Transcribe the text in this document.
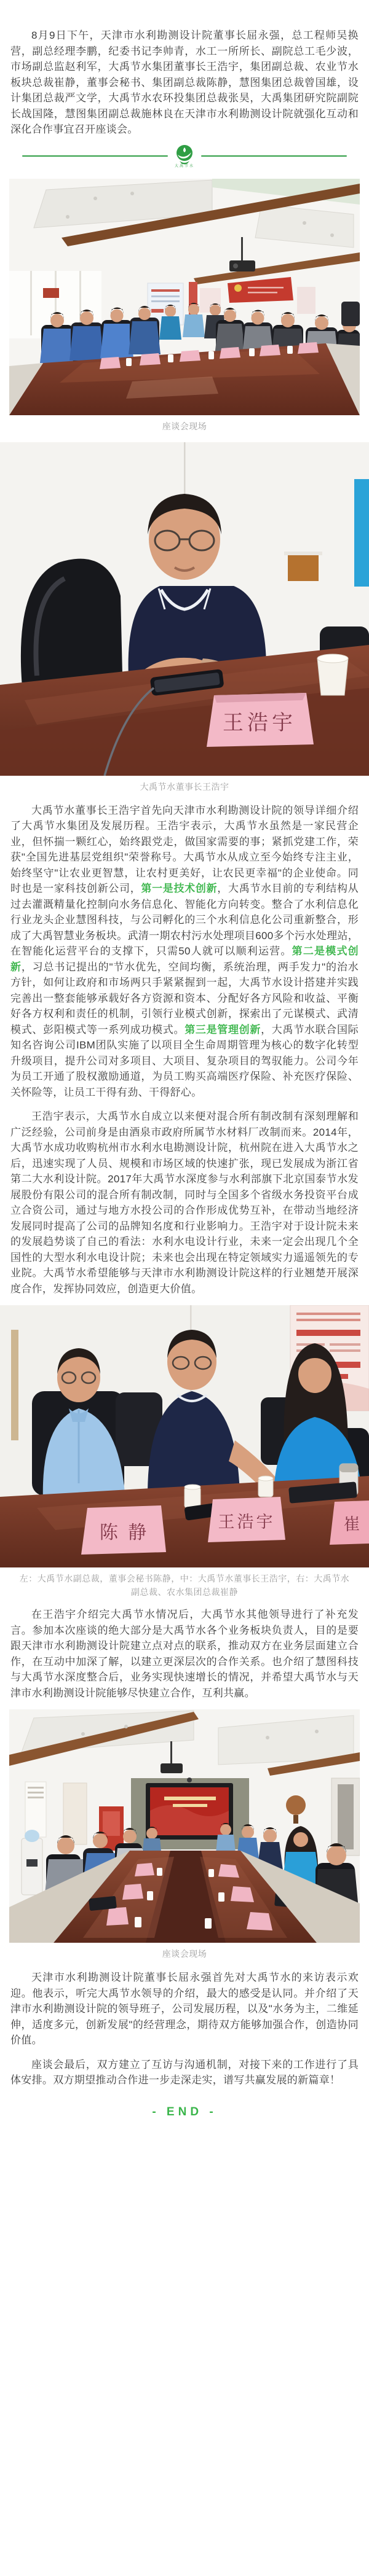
8月9日下午，天津市水利勘测设计院董事长屈永强，总工程师吴换营，副总经理李鹏，纪委书记李帅青，水工一所所长、副院总工毛少波，市场副总监赵利军，大禹节水集团董事长王浩宇，集团副总裁、农业节水板块总裁崔静，董事会秘书、集团副总裁陈静，慧图集团总裁曾国雄，设计集团总裁严文学，大禹节水农环投集团总裁张昊，大禹集团研究院副院长战国隆，慧图集团副总裁施林良在天津市水利勘测设计院就强化互动和深化合作事宜召开座谈会。

大禹节水
座谈会现场
王浩宇
大禹节水董事长王浩宇

大禹节水董事长王浩宇首先向天津市水利勘测设计院的领导详细介绍了大禹节水集团及发展历程。王浩宇表示，大禹节水虽然是一家民营企业，但怀揣一颗红心，始终跟党走，做国家需要的事；紧抓党建工作，荣获"全国先进基层党组织"荣誉称号。大禹节水从成立至今始终专注主业，始终坚守"让农业更智慧，让农村更美好，让农民更幸福"的企业使命。同时也是一家科技创新公司，第一是技术创新，大禹节水目前的专利结构从过去灌溉精量化控制向水务信息化、智能化方向转变。整合了水利信息化行业龙头企业慧图科技，与公司孵化的三个水利信息化公司重新整合，形成了大禹智慧业务板块。武清一期农村污水处理项目600多个污水处理站，在智能化运营平台的支撑下，只需50人就可以顺利运营。第二是模式创新，习总书记提出的"节水优先，空间均衡，系统治理，两手发力"的治水方针，如何让政府和市场两只手紧紧握到一起，大禹节水设计搭建并实践完善出一整套能够承载好各方资源和资本、分配好各方风险和收益、平衡好各方权利和责任的机制，引领行业模式创新，探索出了元谋模式、武清模式、彭阳模式等一系列成功模式。第三是管理创新，大禹节水联合国际知名咨询公司IBM团队实施了以项目全生命周期管理为核心的数字化转型升级项目，提升公司对多项目、大项目、复杂项目的驾驭能力。公司今年为员工开通了股权激励通道，为员工购买高端医疗保险、补充医疗保险、关怀险等，让员工干得有劲、干得舒心。

王浩宇表示，大禹节水自成立以来便对混合所有制改制有深刻理解和广泛经验，公司前身是由酒泉市政府所属节水材料厂改制而来。2014年，大禹节水成功收购杭州市水利水电勘测设计院，杭州院在进入大禹节水之后，迅速实现了人员、规模和市场区域的快速扩张，现已发展成为浙江省第二大水利设计院。2017年大禹节水深度参与水利部旗下北京国泰节水发展股份有限公司的混合所有制改制，同时与全国多个省级水务投资平台成立合资公司，通过与地方水投公司的合作形成优势互补，在带动当地经济发展同时提高了公司的品牌知名度和行业影响力。王浩宇对于设计院未来的发展趋势谈了自己的看法：水利水电设计行业，未来一定会出现几个全国性的大型水利水电设计院；未来也会出现在特定领域实力遥遥领先的专业院。大禹节水希望能够与天津市水利勘测设计院这样的行业翘楚开展深度合作，发挥协同效应，创造更大价值。

陈 静
王浩宇	崔
左：大禹节水副总裁，董事会秘书陈静，中：大禹节水董事长王浩宇，右：大禹节水副总裁、农水集团总裁崔静

在王浩宇介绍完大禹节水情况后，大禹节水其他领导进行了补充发言。参加本次座谈的绝大部分是大禹节水各个业务板块负责人，目的是要跟天津市水利勘测设计院建立点对点的联系，推动双方在业务层面建立合作，在互动中加深了解，以建立更深层次的合作关系。也介绍了慧图科技与大禹节水深度整合后，业务实现快速增长的情况，并希望大禹节水与天津市水利勘测设计院能够尽快建立合作，互利共赢。

座谈会现场

天津市水利勘测设计院董事长屈永强首先对大禹节水的来访表示欢迎。他表示，听完大禹节水领导的介绍，最大的感受是认同。并介绍了天津市水利勘测设计院的领导班子，公司发展历程，以及"水务为主，二维延伸，适度多元，创新发展"的经营理念，期待双方能够加强合作，创造协同价值。

座谈会最后，双方建立了互访与沟通机制，对接下来的工作进行了具体安排。双方期望推动合作进一步走深走实，谱写共赢发展的新篇章！

- END -
